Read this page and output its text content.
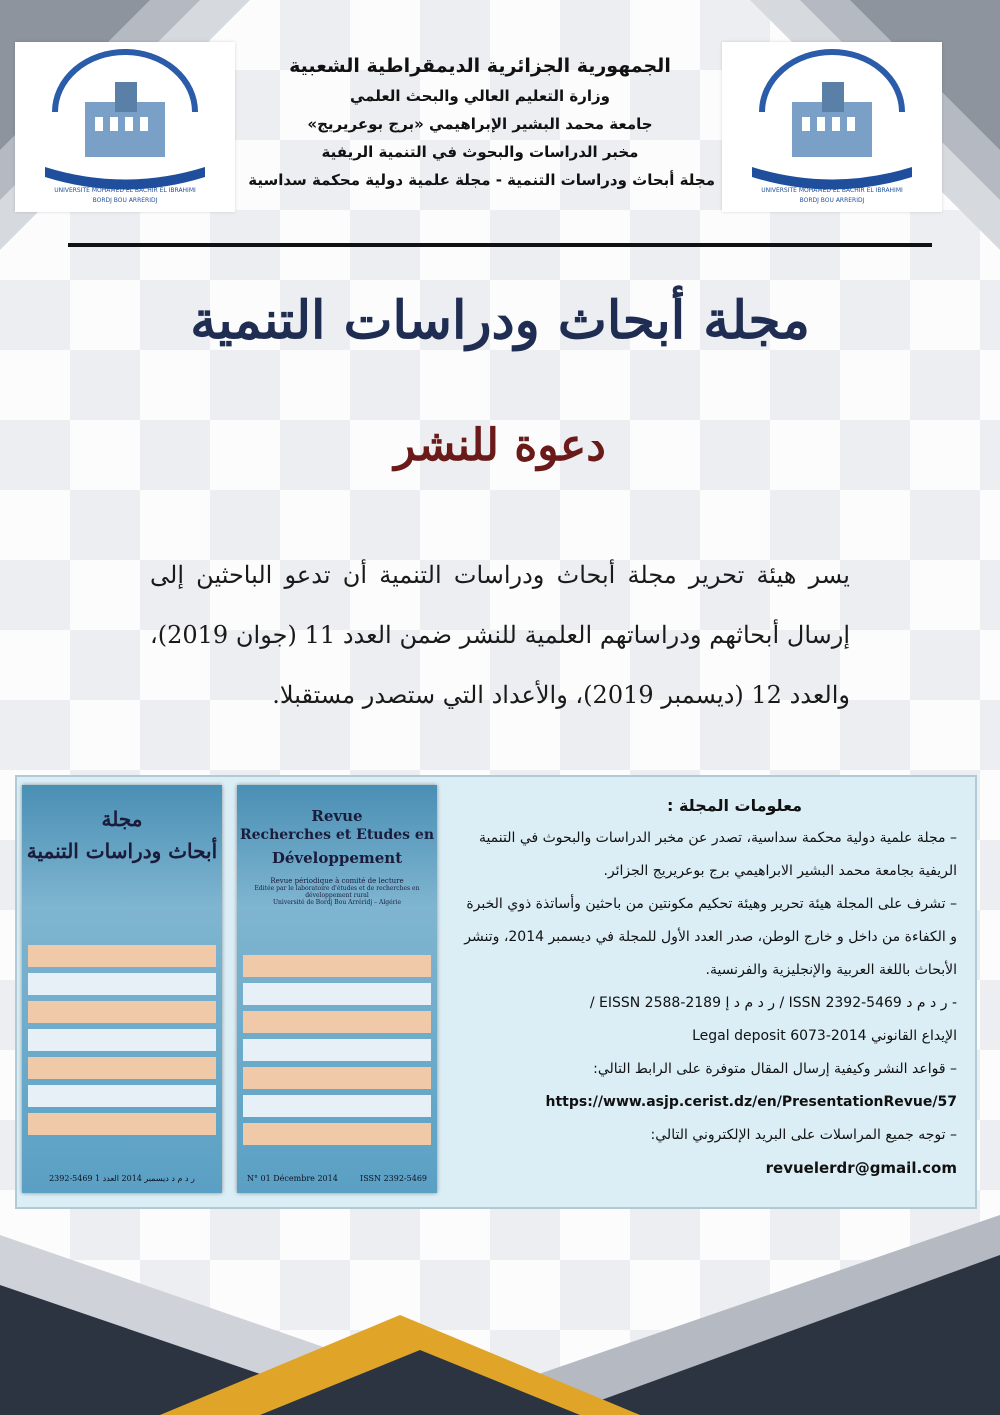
UNIVERSITE MOHAMED EL BACHIR EL IBRAHIMI
BORDJ BOU ARRERIDJ
UNIVERSITE MOHAMED EL BACHIR EL IBRAHIMI
BORDJ BOU ARRERIDJ
الجمهورية الجزائرية الديمقراطية الشعبية
وزارة التعليم العالي والبحث العلمي
جامعة محمد البشير الإبراهيمي «برج بوعريريج»
مخبر الدراسات والبحوث في التنمية الريفية
مجلة أبحاث ودراسات التنمية - مجلة علمية دولية محكمة سداسية
مجلة أبحاث ودراسات التنمية
دعوة للنشر
يسر هيئة تحرير مجلة أبحاث ودراسات التنمية أن تدعو الباحثين إلى إرسال أبحاثهم ودراساتهم العلمية للنشر ضمن العدد 11 (جوان 2019)، والعدد 12 (ديسمبر 2019)، والأعداد التي ستصدر مستقبلا.
مجلة
أبحاث ودراسات التنمية
2392-5469 ر د م د ديسمبر 2014 العدد 1
Revue
Recherches et Etudes en
Développement
Revue périodique à comité de lecture
Editée par le laboratoire d'études et de recherches en développement rural
Université de Bordj Bou Arréridj – Algérie
N° 01 Décembre 2014	ISSN 2392-5469

معلومات المجلة :

– مجلة علمية دولية محكمة سداسية، تصدر عن مخبر الدراسات والبحوث في التنمية الريفية بجامعة محمد البشير الابراهيمي برج بوعريريج الجزائر.

– تشرف على المجلة هيئة تحرير وهيئة تحكيم مكونتين من باحثين وأساتذة ذوي الخبرة و الكفاءة من داخل و خارج الوطن، صدر العدد الأول للمجلة في ديسمبر 2014، وتنشر الأبحاث باللغة العربية والإنجليزية والفرنسية.

- ر د م د ISSN 2392-5469 / ر د م د إ EISSN 2588-2189 /

الإيداع القانوني 2014-6073 Legal deposit

– قواعد النشر وكيفية إرسال المقال متوفرة على الرابط التالي:

https://www.asjp.cerist.dz/en/PresentationRevue/57

– توجه جميع المراسلات على البريد الإلكتروني التالي:

revuelerdr@gmail.com
